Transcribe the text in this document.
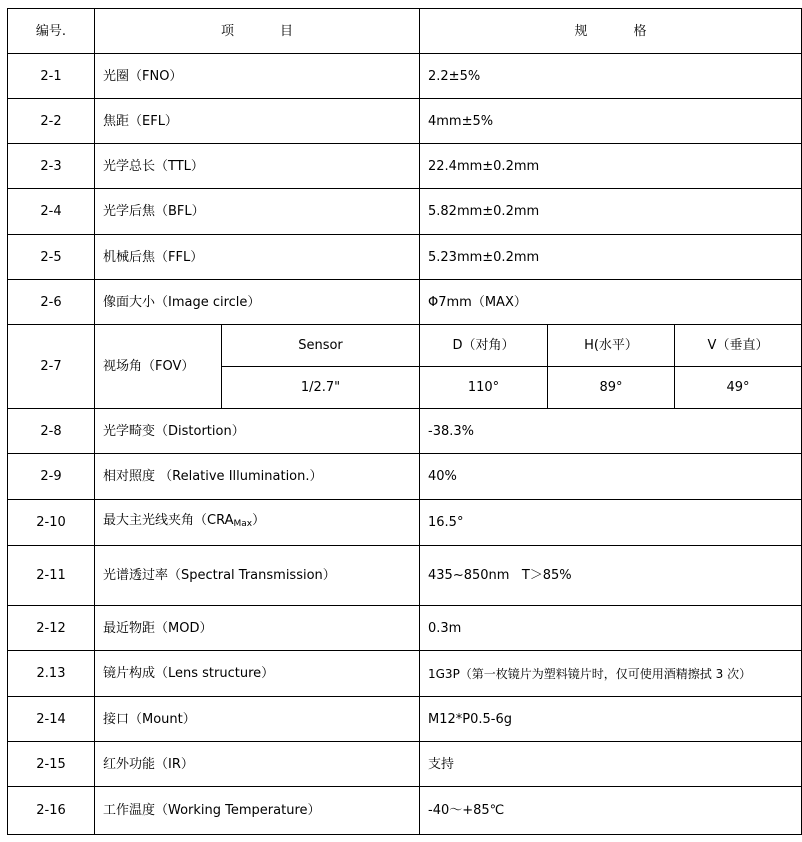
编号.	项 目		规 格		
2-1	光圈（FNO）		2.2±5%		
2-2	焦距（EFL）		4mm±5%		
2-3	光学总长（TTL）		22.4mm±0.2mm		
2-4	光学后焦（BFL）		5.82mm±0.2mm		
2-5	机械后焦（FFL）		5.23mm±0.2mm		
2-6	像面大小（Image circle）		Φ7mm（MAX）		
2-7	视场角（FOV）	Sensor	D（对角）	H(水平）	V（垂直）
		1/2.7"	110°	89°	49°
2-8	光学畸变（Distortion）		-38.3%		
2-9	相对照度 （Relative Illumination.）		40%		
2-10	最大主光线夹角$(CRA_{Max})$		16.5°		
2-11	光谱透过率（Spectral Transmission）		435~850nm   T＞85%		
2-12	最近物距（MOD）		0.3m		
2.13	镜片构成（Lens structure）		1G3P（第一枚镜片为塑料镜片时，仅可使用酒精擦拭 3 次）		
2-14	接口（Mount）		M12*P0.5-6g		
2-15	红外功能（IR）		支持		
2-16	工作温度（Working Temperature）		-40～+85℃		
